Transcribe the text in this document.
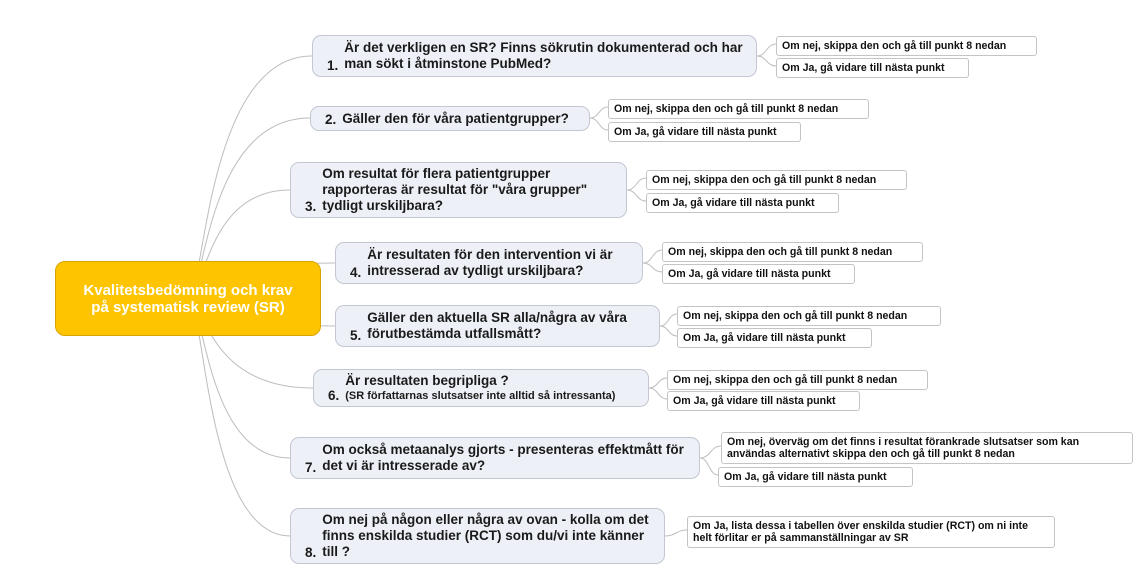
Kvalitetsbedömning och krav på systematisk review (SR)
1.
Är det verkligen en SR? Finns sökrutin dokumenterad och har man sökt i åtminstone PubMed?
Om nej, skippa den och gå till punkt 8 nedan
Om Ja, gå vidare till nästa punkt
2. Gäller den för våra patientgrupper?
Om nej, skippa den och gå till punkt 8 nedan
Om Ja, gå vidare till nästa punkt
3.
Om resultat för flera patientgrupper rapporteras är resultat för "våra grupper" tydligt urskiljbara?
Om nej, skippa den och gå till punkt 8 nedan
Om Ja, gå vidare till nästa punkt
4.
Är resultaten för den intervention vi är intresserad av tydligt urskiljbara?
Om nej, skippa den och gå till punkt 8 nedan
Om Ja, gå vidare till nästa punkt
5.
Gäller den aktuella SR alla/några av våra förutbestämda utfallsmått?
Om nej, skippa den och gå till punkt 8 nedan
Om Ja, gå vidare till nästa punkt
6.
Är resultaten begripliga ?
(SR författarnas slutsatser inte alltid så intressanta)
Om nej, skippa den och gå till punkt 8 nedan
Om Ja, gå vidare till nästa punkt
7.
Om också metaanalys gjorts - presenteras effektmått för det vi är intresserade av?
Om nej, överväg om det finns i resultat förankrade slutsatser som kan användas alternativt skippa den och gå till punkt 8 nedan
Om Ja, gå vidare till nästa punkt
8.
Om nej på någon eller några av ovan - kolla om det finns enskilda studier (RCT) som du/vi inte känner till ?
Om Ja, lista dessa i tabellen över enskilda studier (RCT) om ni inte helt förlitar er på sammanställningar av SR
